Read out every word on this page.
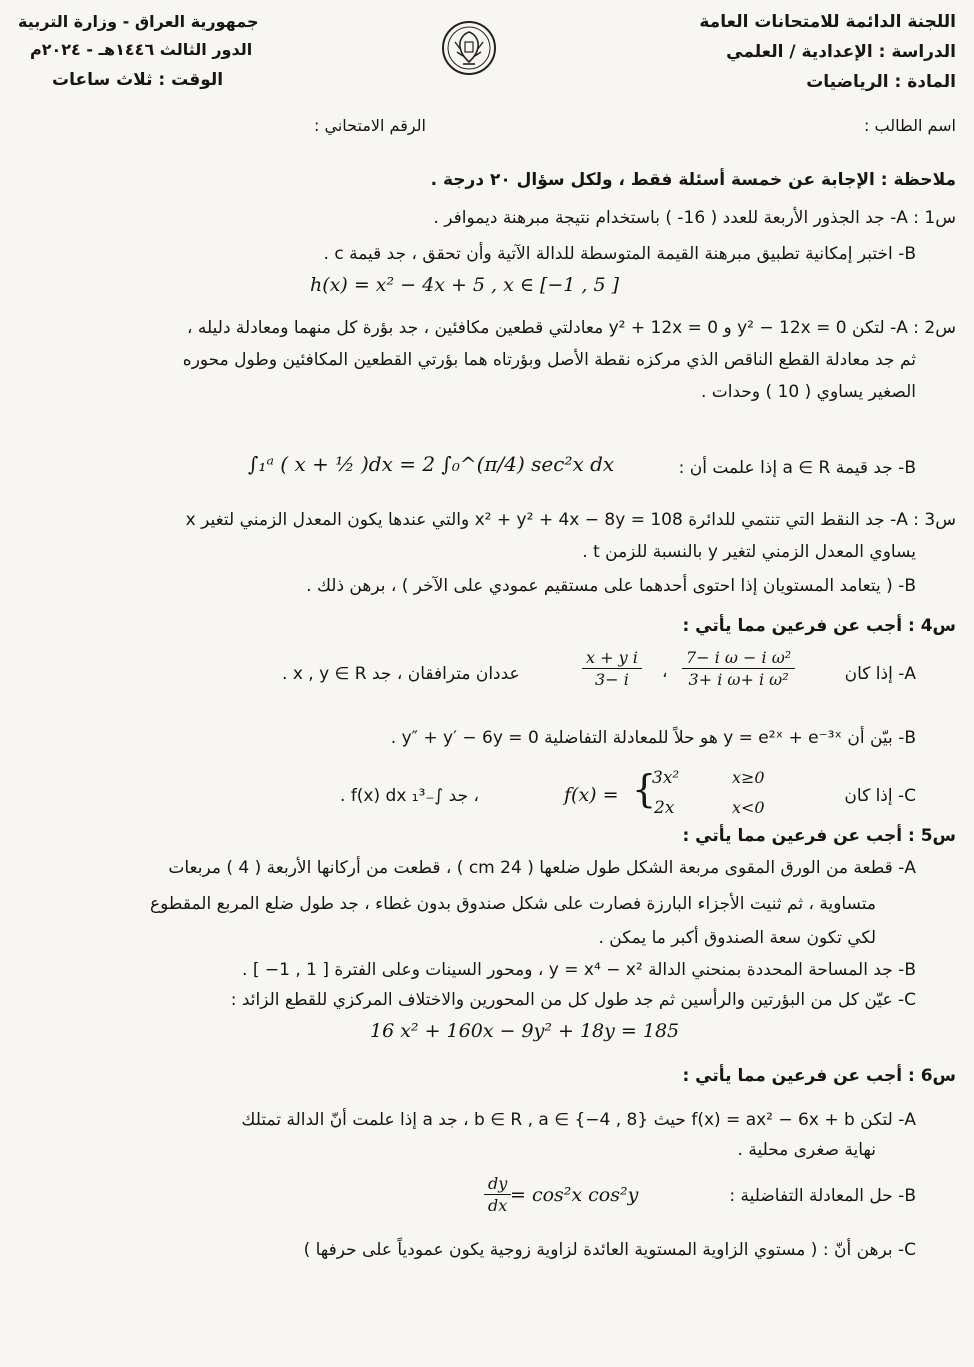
جمهورية العراق - وزارة التربية
الدور الثالث ١٤٤٦هـ - ٢٠٢٤م
الوقت : ثلاث ساعات
اللجنة الدائمة للامتحانات العامة
الدراسة : الإعدادية / العلمي
المادة : الرياضيات
اسم الطالب :
الرقم الامتحاني :
ملاحظة : الإجابة عن خمسة أسئلة فقط ، ولكل سؤال ٢٠ درجة .
س1 : A- جد الجذور الأربعة للعدد ( 16- ) باستخدام نتيجة مبرهنة ديموافر .
B- اختبر إمكانية تطبيق مبرهنة القيمة المتوسطة للدالة الآتية وأن تحقق ، جد قيمة c .
h(x) = x² − 4x + 5 , x ∈ [−1 , 5 ]
س2 : A- لتكن y² − 12x = 0 و y² + 12x = 0 معادلتي قطعين مكافئين ، جد بؤرة كل منهما ومعادلة دليله ،
ثم جد معادلة القطع الناقص الذي مركزه نقطة الأصل وبؤرتاه هما بؤرتي القطعين المكافئين وطول محوره
الصغير يساوي ( 10 ) وحدات .
B- جد قيمة a ∈ R إذا علمت أن :
∫₁ᵃ ( x + ½ )dx = 2 ∫₀^(π/4) sec²x dx
س3 : A- جد النقط التي تنتمي للدائرة x² + y² + 4x − 8y = 108 والتي عندها يكون المعدل الزمني لتغير x
يساوي المعدل الزمني لتغير y بالنسبة للزمن t .
B- ( يتعامد المستويان إذا احتوى أحدهما على مستقيم عمودي على الآخر ) ، برهن ذلك .
س4 : أجب عن فرعين مما يأتي :
A- إذا كان
$\frac{\text{7− i ω − i ω²}}{\text{3+ i ω+ i ω²}}$
،
$\frac{\text{x + y i}}{3- i}$
عددان مترافقان ، جد x , y ∈ R .
B- بيّن أن y = e²ˣ + e⁻³ˣ هو حلاً للمعادلة التفاضلية y″ + y′ − 6y = 0 .
C- إذا كان
{
3x²	x≥0
2x	x<0
f(x) =
، جد ∫₋₁³ f(x) dx .
س5 : أجب عن فرعين مما يأتي :
A- قطعة من الورق المقوى مربعة الشكل طول ضلعها ( 24 cm ) ، قطعت من أركانها الأربعة ( 4 ) مربعات
متساوية ، ثم ثنيت الأجزاء البارزة فصارت على شكل صندوق بدون غطاء ، جد طول ضلع المربع المقطوع
لكي تكون سعة الصندوق أكبر ما يمكن .
B- جد المساحة المحددة بمنحني الدالة y = x⁴ − x² ، ومحور السينات وعلى الفترة [ 1 , 1− ] .
C- عيّن كل من البؤرتين والرأسين ثم جد طول كل من المحورين والاختلاف المركزي للقطع الزائد :
16 x² + 160x − 9y² + 18y = 185
س6 : أجب عن فرعين مما يأتي :
A- لتكن f(x) = ax² − 6x + b حيث b ∈ R , a ∈ {−4 , 8} ، جد a إذا علمت أنّ الدالة تمتلك
نهاية صغرى محلية .
B- حل المعادلة التفاضلية :
= cos²x cos²y
$\frac{dy}{dx}$
C- برهن أنّ : ( مستوي الزاوية المستوية العائدة لزاوية زوجية يكون عمودياً على حرفها )
